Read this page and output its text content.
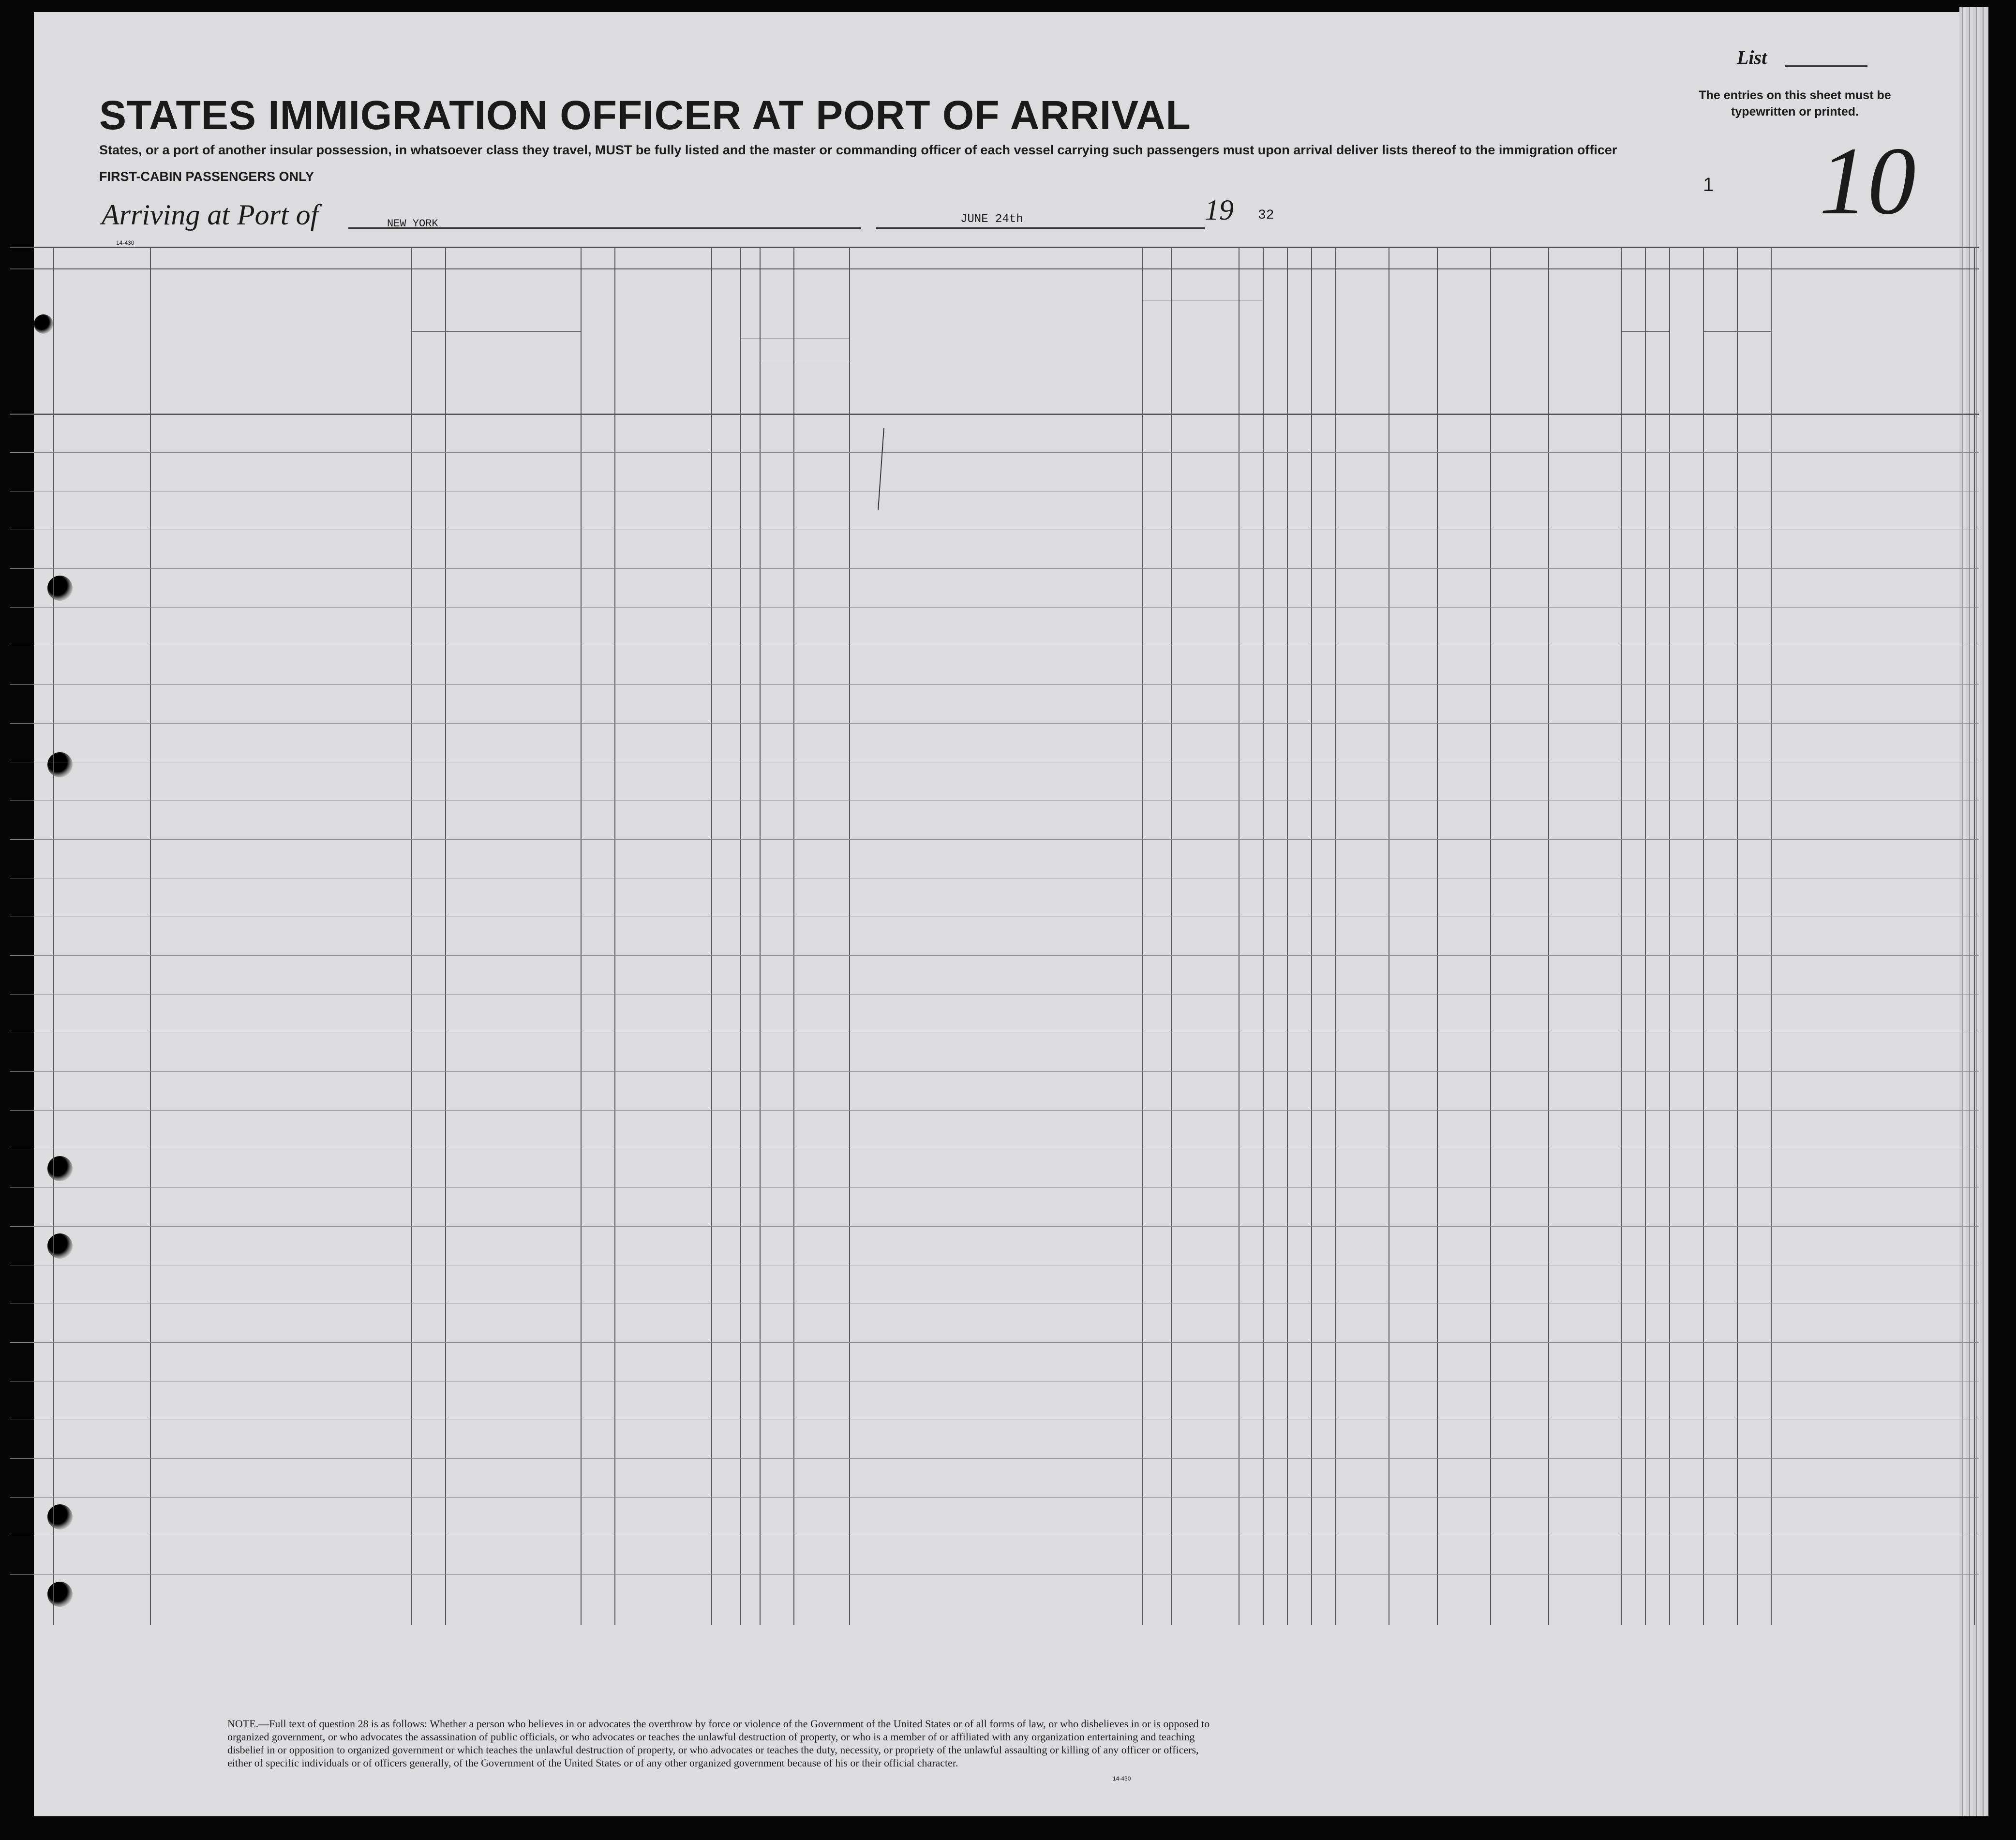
STATES IMMIGRATION OFFICER AT PORT OF ARRIVAL
States, or a port of another insular possession, in whatsoever class they travel, MUST be fully listed and the master or commanding officer of each vessel carrying such passengers must upon arrival deliver lists thereof to the immigration officer
FIRST-CABIN PASSENGERS ONLY
List
The entries on this sheet must be typewritten or printed.
10
1
Arriving at Port of	NEW YORK	JUNE 24th	19 32
14-430
NOTE.—Full text of question 28 is as follows: Whether a person who believes in or advocates the overthrow by force or violence of the Government of the United States or of all forms of law, or who disbelieves in or is opposed to organized government, or who advocates the assassination of public officials, or who advocates or teaches the unlawful destruction of property, or who is a member of or affiliated with any organization entertaining and teaching disbelief in or opposition to organized government or which teaches the unlawful destruction of property, or who advocates or teaches the duty, necessity, or propriety of the unlawful assaulting or killing of any officer or officers, either of specific individuals or of officers generally, of the Government of the United States or of any other organized government because of his or their official character.
14-430
